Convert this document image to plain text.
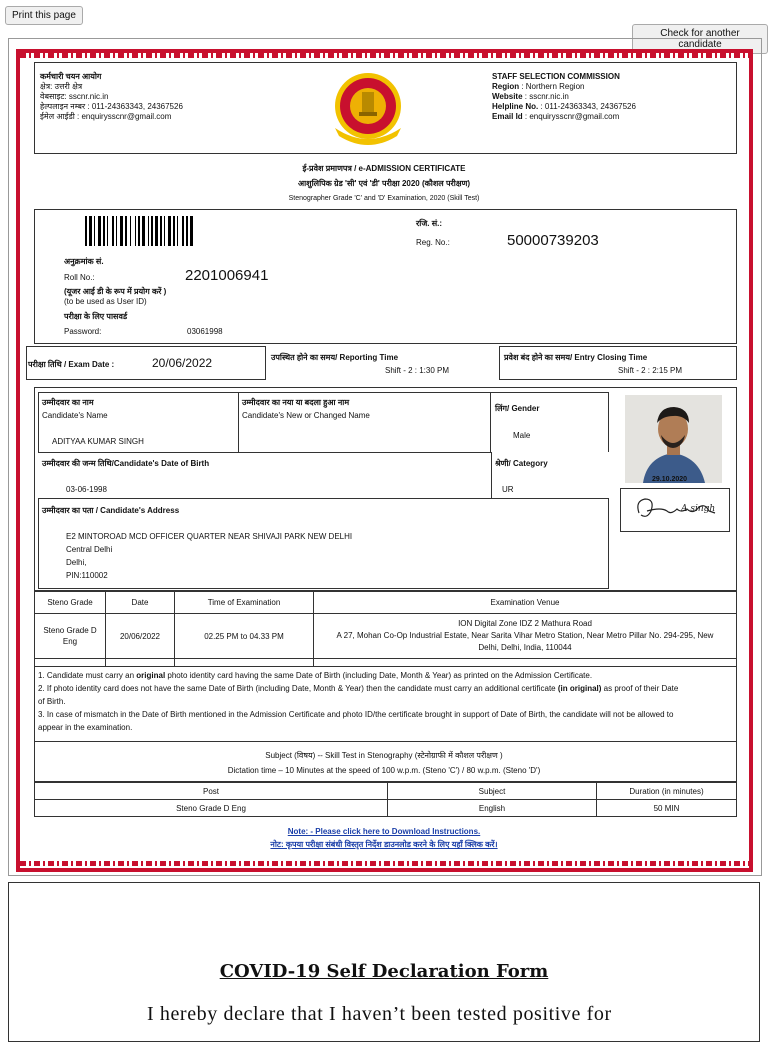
Print this page
Check for another candidate
कर्मचारी चयन आयोग
क्षेत्र: उत्तरी क्षेत्र
वेबसाइट: sscnr.nic.in
हेल्पलाइन नम्बर : 011-24363343, 24367526
ईमेल आईडी : enquirysscnr@gmail.com
STAFF SELECTION COMMISSION
Region : Northern Region
Website : sscnr.nic.in
Helpline No. : 011-24363343, 24367526
Email Id : enquirysscnr@gmail.com
ई-प्रवेश प्रमाणपत्र / e-ADMISSION CERTIFICATE
आशुलिपिक ग्रेड 'सी' एवं 'डी' परीक्षा 2020 (कौशल परीक्षण)
Stenographer Grade 'C' and 'D' Examination, 2020 (Skill Test)
रजि. सं.:
Reg. No.:	50000739203
अनुक्रमांक सं.
Roll No.:	2201006941
(यूजर आई डी के रूप में प्रयोग करें )
(to be used as User ID)
परीक्षा के लिए पासवर्ड
Password:	03061998
परीक्षा तिथि / Exam Date :	20/06/2022	उपस्थित होने का समय/ Reporting Time
Shift - 2 : 1:30 PM
प्रवेश बंद होने का समय/ Entry Closing Time
Shift - 2 : 2:15 PM
उम्मीदवार का नाम
Candidate's Name
ADITYAA KUMAR SINGH
उम्मीदवार का नया या बदला हुआ नाम
Candidate's New or Changed Name
लिंग/ Gender
Male
उम्मीदवार की जन्म तिथि/Candidate's Date of Birth
03-06-1998
श्रेणी/ Category
UR
उम्मीदवार का पता / Candidate's Address
E2 MINTOROAD MCD OFFICER QUARTER NEAR SHIVAJI PARK NEW DELHI
Central Delhi
Delhi,
PIN:110002
29.10.2020
A.singh
Steno Grade	Date	Time of Examination	Examination Venue
Steno Grade D Eng	20/06/2022	02.25 PM to 04.33 PM	ION Digital Zone IDZ 2 Mathura Road
A 27, Mohan Co-Op Industrial Estate, Near Sarita Vihar Metro Station, Near Metro Pillar No. 294-295, New
Delhi, Delhi, India, 110044

1. Candidate must carry an original photo identity card having the same Date of Birth (including Date, Month & Year) as printed on the Admission Certificate.
2. If photo identity card does not have the same Date of Birth (including Date, Month & Year) then the candidate must carry an additional certificate (in original) as proof of their Date
of Birth.
3. In case of mismatch in the Date of Birth mentioned in the Admission Certificate and photo ID/the certificate brought in support of Date of Birth, the candidate will not be allowed to
appear in the examination.
Subject (विषय) -- Skill Test in Stenography (स्टेनोग्राफी में कौशल परीक्षण )
Dictation time – 10 Minutes at the speed of 100 w.p.m. (Steno 'C') / 80 w.p.m. (Steno 'D')
Post	Subject	Duration (in minutes)
Steno Grade D Eng	English	50 MIN
Note: - Please click here to Download Instructions.
नोट: कृपया परीक्षा संबंधी विस्तृत निर्देश डाउनलोड करने के लिए यहाँ क्लिक करें।
COVID-19 Self Declaration Form
I hereby declare that I haven’t been tested positive for
